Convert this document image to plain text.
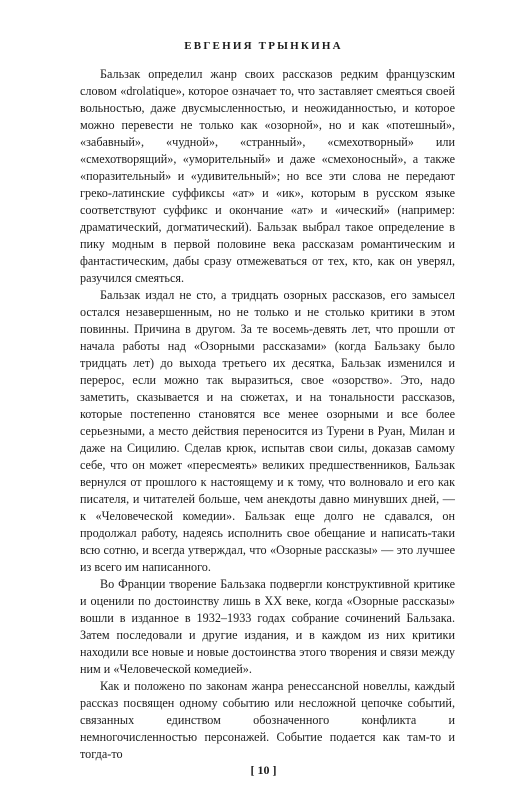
ЕВГЕНИЯ ТРЫНКИНА

Бальзак определил жанр своих рассказов редким французским словом «drolatique», которое означает то, что заставляет смеяться своей вольностью, даже двусмысленностью, и неожиданностью, и которое можно перевести не только как «озорной», но и как «потешный», «забавный», «чудной», «странный», «смехотворный» или «смехотворящий», «уморительный» и даже «смехоносный», а также «поразительный» и «удивительный»; но все эти слова не передают греко-латинские суффиксы «ат» и «ик», которым в русском языке соответствуют суффикс и окончание «ат» и «ический» (например: драматический, догматический). Бальзак выбрал такое определение в пику модным в первой половине века рассказам романтическим и фантастическим, дабы сразу отмежеваться от тех, кто, как он уверял, разучился смеяться.

Бальзак издал не сто, а тридцать озорных рассказов, его замысел остался незавершенным, но не только и не столько критики в этом повинны. Причина в другом. За те восемь-девять лет, что прошли от начала работы над «Озорными рассказами» (когда Бальзаку было тридцать лет) до выхода третьего их десятка, Бальзак изменился и перерос, если можно так выразиться, свое «озорство». Это, надо заметить, сказывается и на сюжетах, и на тональности рассказов, которые постепенно становятся все менее озорными и все более серьезными, а место действия переносится из Турени в Руан, Милан и даже на Сицилию. Сделав крюк, испытав свои силы, доказав самому себе, что он может «пересмеять» великих предшественников, Бальзак вернулся от прошлого к настоящему и к тому, что волновало и его как писателя, и читателей больше, чем анекдоты давно минувших дней, — к «Человеческой комедии». Бальзак еще долго не сдавался, он продолжал работу, надеясь исполнить свое обещание и написать-таки всю сотню, и всегда утверждал, что «Озорные рассказы» — это лучшее из всего им написанного.

Во Франции творение Бальзака подвергли конструктивной критике и оценили по достоинству лишь в XX веке, когда «Озорные рассказы» вошли в изданное в 1932–1933 годах собрание сочинений Бальзака. Затем последовали и другие издания, и в каждом из них критики находили все новые и новые достоинства этого творения и связи между ним и «Человеческой комедией».

Как и положено по законам жанра ренессансной новеллы, каждый рассказ посвящен одному событию или несложной цепочке событий, связанных единством обозначенного конфликта и немногочисленностью персонажей. Событие подается как там-то и тогда-то

[ 10 ]
